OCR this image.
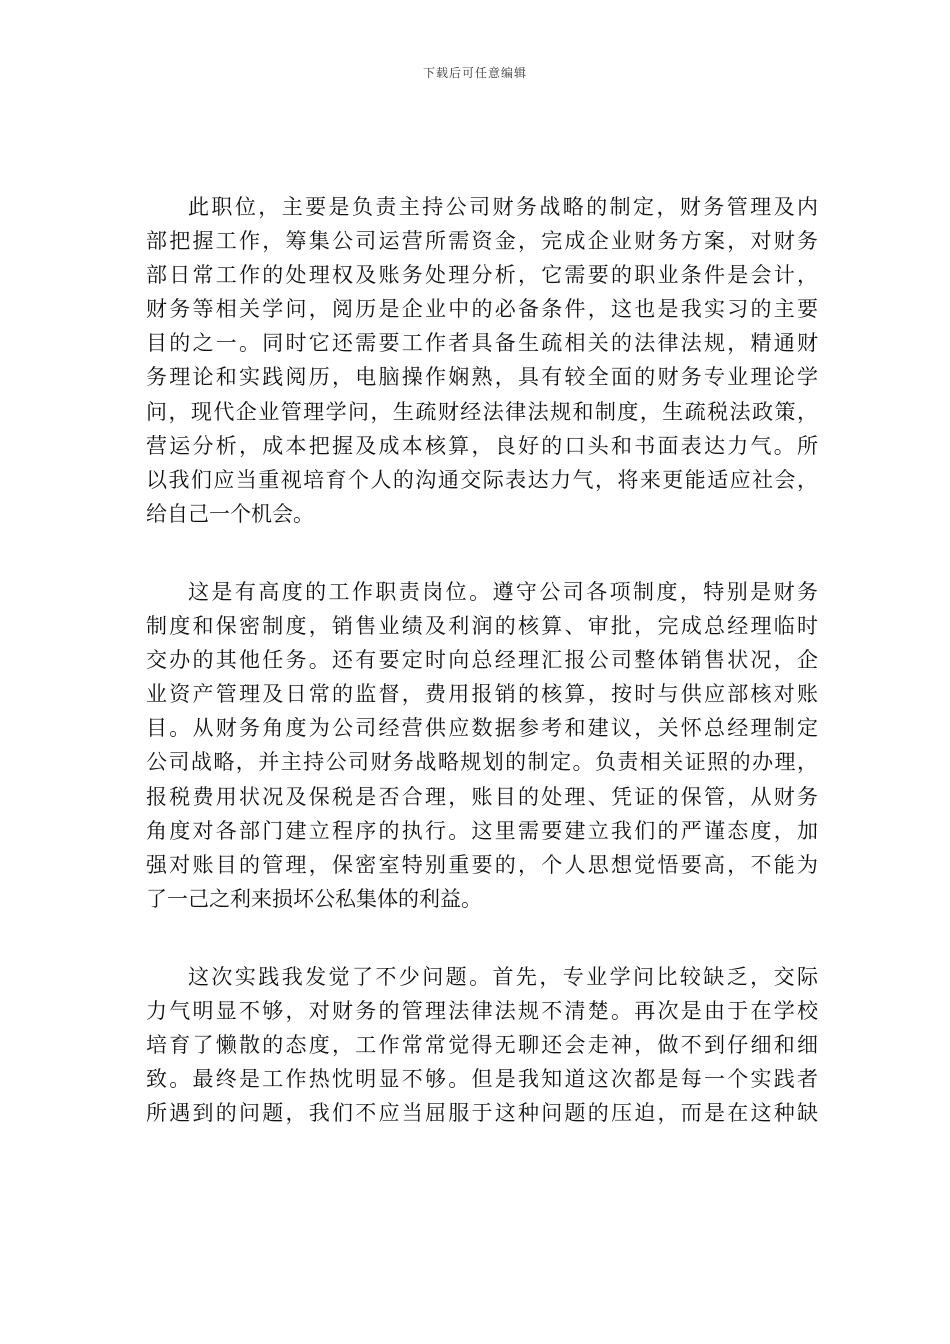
下载后可任意编辑
此职位，主要是负责主持公司财务战略的制定，财务管理及内
部把握工作，筹集公司运营所需资金，完成企业财务方案，对财务
部日常工作的处理权及账务处理分析，它需要的职业条件是会计，
财务等相关学问，阅历是企业中的必备条件，这也是我实习的主要
目的之一。同时它还需要工作者具备生疏相关的法律法规，精通财
务理论和实践阅历，电脑操作娴熟，具有较全面的财务专业理论学
问，现代企业管理学问，生疏财经法律法规和制度，生疏税法政策，
营运分析，成本把握及成本核算，良好的口头和书面表达力气。所
以我们应当重视培育个人的沟通交际表达力气，将来更能适应社会，
给自己一个机会。
这是有高度的工作职责岗位。遵守公司各项制度，特别是财务
制度和保密制度，销售业绩及利润的核算、审批，完成总经理临时
交办的其他任务。还有要定时向总经理汇报公司整体销售状况，企
业资产管理及日常的监督，费用报销的核算，按时与供应部核对账
目。从财务角度为公司经营供应数据参考和建议，关怀总经理制定
公司战略，并主持公司财务战略规划的制定。负责相关证照的办理，
报税费用状况及保税是否合理，账目的处理、凭证的保管，从财务
角度对各部门建立程序的执行。这里需要建立我们的严谨态度，加
强对账目的管理，保密室特别重要的，个人思想觉悟要高，不能为
了一己之利来损坏公私集体的利益。
这次实践我发觉了不少问题。首先，专业学问比较缺乏，交际
力气明显不够，对财务的管理法律法规不清楚。再次是由于在学校
培育了懒散的态度，工作常常觉得无聊还会走神，做不到仔细和细
致。最终是工作热忱明显不够。但是我知道这次都是每一个实践者
所遇到的问题，我们不应当屈服于这种问题的压迫，而是在这种缺
